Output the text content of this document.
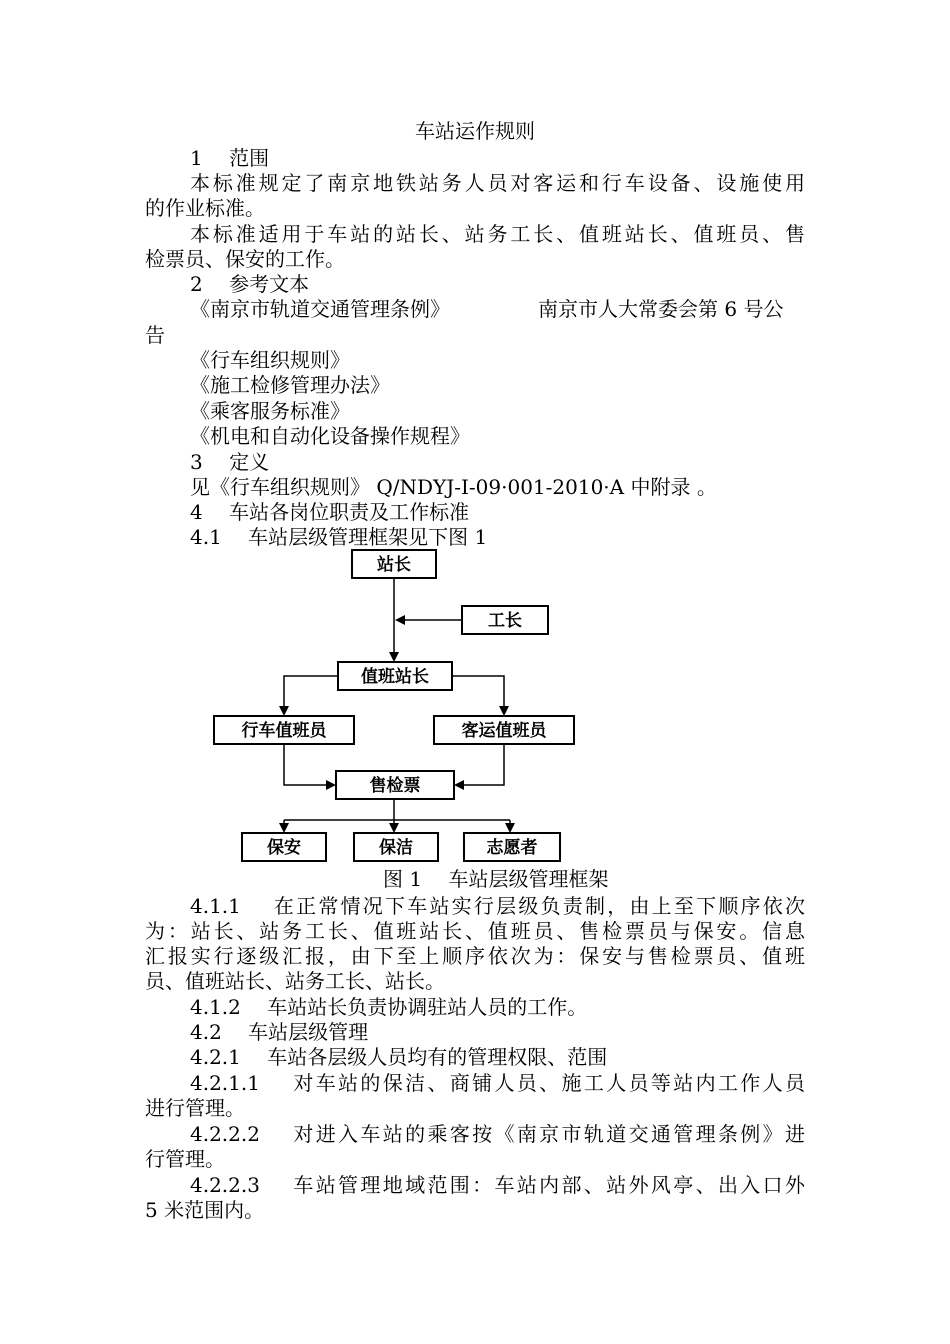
车站运作规则
1　 范围
本标准规定了南京地铁站务人员对客运和行车设备、设施使用
的作业标准。
本标准适用于车站的站长、站务工长、值班站长、值班员、售
检票员、保安的工作。
2　 参考文本
《南京市轨道交通管理条例》	南京市人大常委会第 6 号公
告
《行车组织规则》
《施工检修管理办法》
《乘客服务标准》
《机电和自动化设备操作规程》
3　 定义
见《行车组织规则》 Q/NDYJ-Ⅰ-09·001-2010·A 中附录 。
4　 车站各岗位职责及工作标准
4.1　 车站层级管理框架见下图 1
站长
工长
值班站长
行车值班员	客运值班员
售检票
保安	保洁	志愿者
图 1　 车站层级管理框架
4.1.1　 在正常情况下车站实行层级负责制，由上至下顺序依次
为：站长、站务工长、值班站长、值班员、售检票员与保安。信息
汇报实行逐级汇报，由下至上顺序依次为：保安与售检票员、值班
员、值班站长、站务工长、站长。
4.1.2　 车站站长负责协调驻站人员的工作。
4.2　 车站层级管理
4.2.1　 车站各层级人员均有的管理权限、范围
4.2.1.1　 对车站的保洁、商铺人员、施工人员等站内工作人员
进行管理。
4.2.2.2　 对进入车站的乘客按《南京市轨道交通管理条例》进
行管理。
4.2.2.3　 车站管理地域范围：车站内部、站外风亭、出入口外
5 米范围内。
